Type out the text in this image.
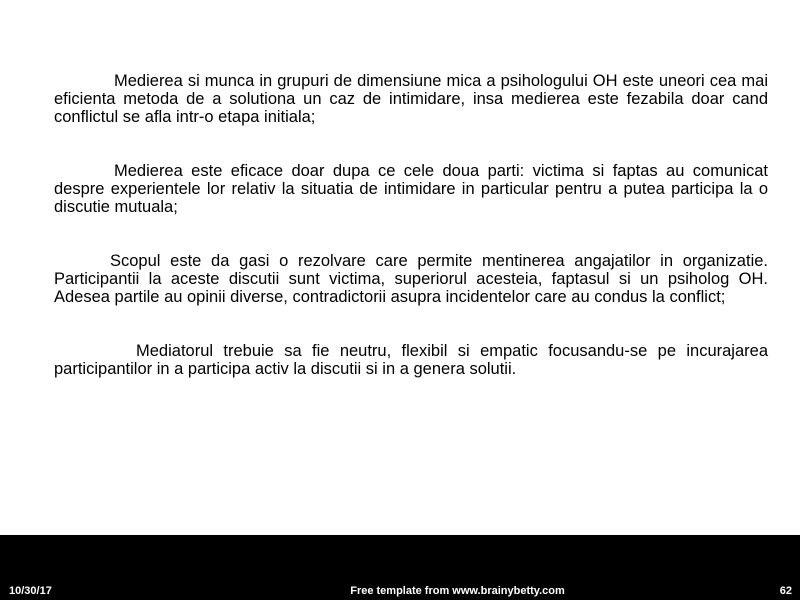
Medierea si munca in grupuri de dimensiune mica a psihologului OH este uneori cea mai eficienta metoda de a solutiona un caz de intimidare, insa medierea este fezabila doar cand conflictul se afla intr-o etapa initiala;

Medierea este eficace doar dupa ce cele doua parti: victima si faptas au comunicat despre experientele lor relativ la situatia de intimidare in particular pentru a putea participa la o discutie mutuala;

Scopul este da gasi o rezolvare care permite mentinerea angajatilor in organizatie. Participantii la aceste discutii sunt victima, superiorul acesteia, faptasul si un psiholog OH. Adesea partile au opinii diverse, contradictorii asupra incidentelor care au condus la conflict;

Mediatorul trebuie sa fie neutru, flexibil si empatic focusandu-se pe incurajarea participantilor in a participa activ la discutii si in a genera solutii.

10/30/17	Free template from www.brainybetty.com	62
